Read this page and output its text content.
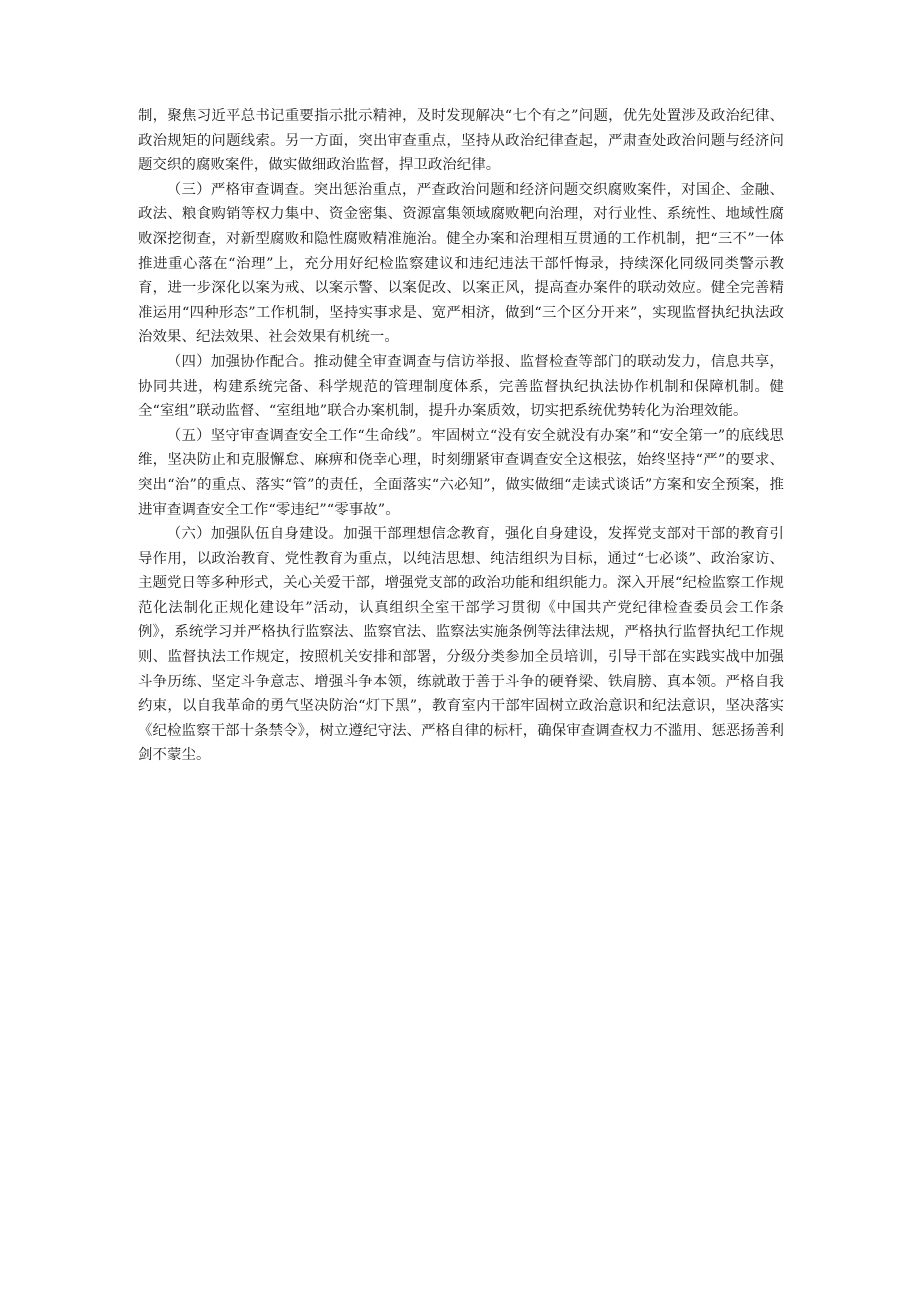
制，聚焦习近平总书记重要指示批示精神，及时发现解决“七个有之”问题，优先处置涉及政治纪律、政治规矩的问题线索。另一方面，突出审查重点，坚持从政治纪律查起，严肃查处政治问题与经济问题交织的腐败案件，做实做细政治监督，捍卫政治纪律。

（三）严格审查调查。突出惩治重点，严查政治问题和经济问题交织腐败案件，对国企、金融、政法、粮食购销等权力集中、资金密集、资源富集领域腐败靶向治理，对行业性、系统性、地域性腐败深挖彻查，对新型腐败和隐性腐败精准施治。健全办案和治理相互贯通的工作机制，把“三不”一体推进重心落在“治理”上，充分用好纪检监察建议和违纪违法干部忏悔录，持续深化同级同类警示教育，进一步深化以案为戒、以案示警、以案促改、以案正风，提高查办案件的联动效应。健全完善精准运用“四种形态”工作机制，坚持实事求是、宽严相济，做到“三个区分开来”，实现监督执纪执法政治效果、纪法效果、社会效果有机统一。

（四）加强协作配合。推动健全审查调查与信访举报、监督检查等部门的联动发力，信息共享，协同共进，构建系统完备、科学规范的管理制度体系，完善监督执纪执法协作机制和保障机制。健全“室组”联动监督、“室组地”联合办案机制，提升办案质效，切实把系统优势转化为治理效能。

（五）坚守审查调查安全工作“生命线”。牢固树立“没有安全就没有办案”和“安全第一”的底线思维，坚决防止和克服懈怠、麻痹和侥幸心理，时刻绷紧审查调查安全这根弦，始终坚持“严”的要求、突出“治”的重点、落实“管”的责任，全面落实“六必知”，做实做细“走读式谈话”方案和安全预案，推进审查调查安全工作“零违纪”“零事故”。

（六）加强队伍自身建设。加强干部理想信念教育，强化自身建设，发挥党支部对干部的教育引导作用，以政治教育、党性教育为重点，以纯洁思想、纯洁组织为目标，通过“七必谈”、政治家访、主题党日等多种形式，关心关爱干部，增强党支部的政治功能和组织能力。深入开展“纪检监察工作规范化法制化正规化建设年”活动，认真组织全室干部学习贯彻《中国共产党纪律检查委员会工作条例》，系统学习并严格执行监察法、监察官法、监察法实施条例等法律法规，严格执行监督执纪工作规则、监督执法工作规定，按照机关安排和部署，分级分类参加全员培训，引导干部在实践实战中加强斗争历练、坚定斗争意志、增强斗争本领，练就敢于善于斗争的硬脊梁、铁肩膀、真本领。严格自我约束，以自我革命的勇气坚决防治“灯下黑”，教育室内干部牢固树立政治意识和纪法意识，坚决落实《纪检监察干部十条禁令》，树立遵纪守法、严格自律的标杆，确保审查调查权力不滥用、惩恶扬善利剑不蒙尘。
